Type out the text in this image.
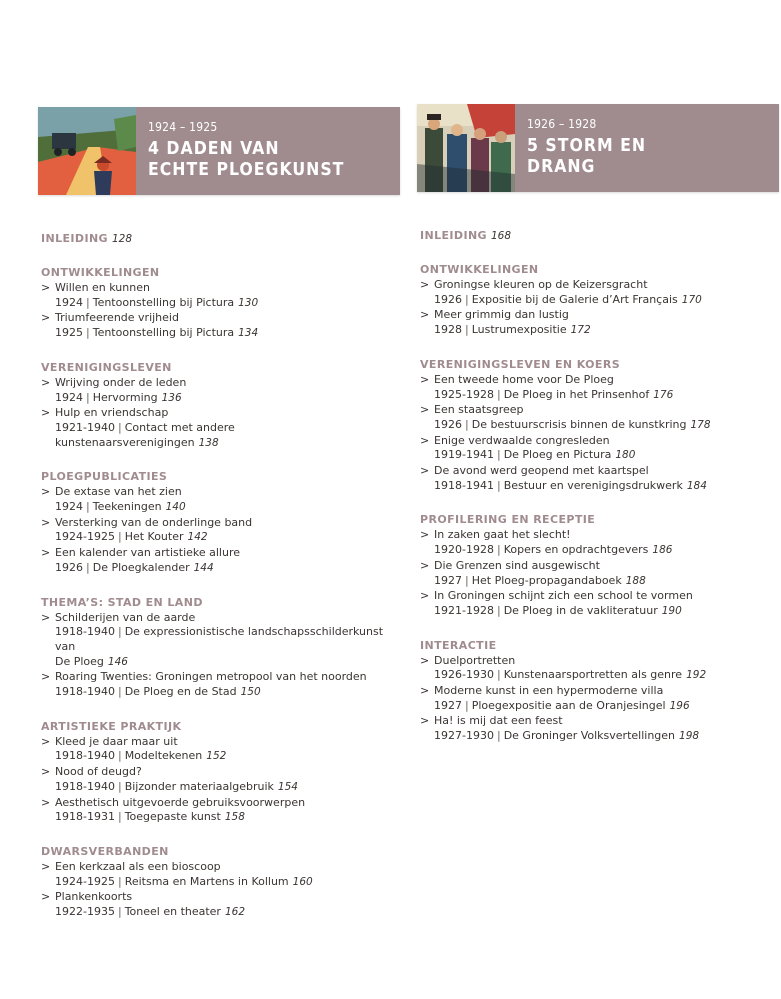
1924 – 1925
4 DADEN VAN
ECHTE PLOEGKUNST
INLEIDING 128
ONTWIKKELINGEN
> Willen en kunnen
1924 | Tentoonstelling bij Pictura 130
> Triumfeerende vrijheid
1925 | Tentoonstelling bij Pictura 134
VERENIGINGSLEVEN
> Wrijving onder de leden
1924 | Hervorming 136
> Hulp en vriendschap
1921-1940 | Contact met andere kunstenaarsverenigingen 138
PLOEGPUBLICATIES
> De extase van het zien
1924 | Teekeningen 140
> Versterking van de onderlinge band
1924-1925 | Het Kouter 142
> Een kalender van artistieke allure
1926 | De Ploegkalender 144
THEMA’S: STAD EN LAND
> Schilderijen van de aarde
1918-1940 | De expressionistische landschapsschilderkunst van
De Ploeg 146
> Roaring Twenties: Groningen metropool van het noorden
1918-1940 | De Ploeg en de Stad 150
ARTISTIEKE PRAKTIJK
> Kleed je daar maar uit
1918-1940 | Modeltekenen 152
> Nood of deugd?
1918-1940 | Bijzonder materiaalgebruik 154
> Aesthetisch uitgevoerde gebruiksvoorwerpen
1918-1931 | Toegepaste kunst 158
DWARSVERBANDEN
> Een kerkzaal als een bioscoop
1924-1925 | Reitsma en Martens in Kollum 160
> Plankenkoorts
1922-1935 | Toneel en theater 162
1926 – 1928
5 STORM EN
DRANG
INLEIDING 168
ONTWIKKELINGEN
> Groningse kleuren op de Keizersgracht
1926 | Expositie bij de Galerie d’Art Français 170
> Meer grimmig dan lustig
1928 | Lustrumexpositie 172
VERENIGINGSLEVEN EN KOERS
> Een tweede home voor De Ploeg
1925-1928 | De Ploeg in het Prinsenhof 176
> Een staatsgreep
1926 | De bestuurscrisis binnen de kunstkring 178
> Enige verdwaalde congresleden
1919-1941 | De Ploeg en Pictura 180
> De avond werd geopend met kaartspel
1918-1941 | Bestuur en verenigingsdrukwerk 184
PROFILERING EN RECEPTIE
> In zaken gaat het slecht!
1920-1928 | Kopers en opdrachtgevers 186
> Die Grenzen sind ausgewischt
1927 | Het Ploeg-propagandaboek 188
> In Groningen schijnt zich een school te vormen
1921-1928 | De Ploeg in de vakliteratuur 190
INTERACTIE
> Duelportretten
1926-1930 | Kunstenaarsportretten als genre 192
> Moderne kunst in een hypermoderne villa
1927 | Ploegexpositie aan de Oranjesingel 196
> Ha! is mij dat een feest
1927-1930 | De Groninger Volksvertellingen 198
